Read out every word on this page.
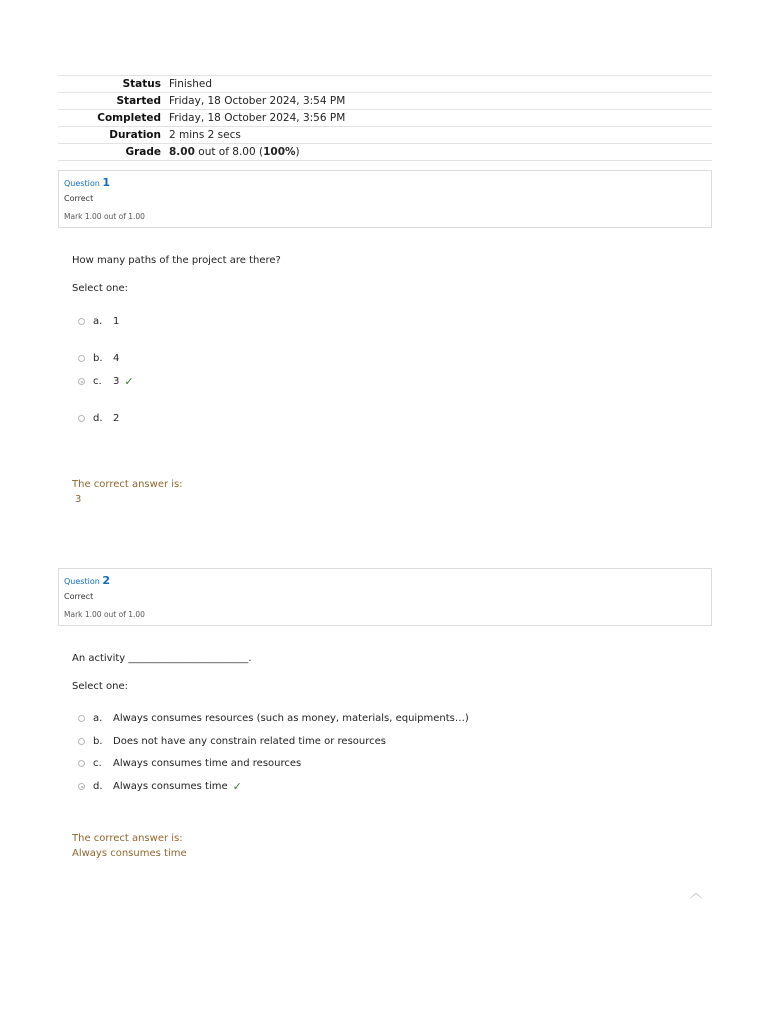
Status	Finished
Started	Friday, 18 October 2024, 3:54 PM
Completed	Friday, 18 October 2024, 3:56 PM
Duration	2 mins 2 secs
Grade	8.00 out of 8.00 (100%)
Question 1
Correct
Mark 1.00 out of 1.00
How many paths of the project are there?
Select one:
a.	1
b.	4
c.	3 ✓
d.	2
The correct answer is:
3
Question 2
Correct
Mark 1.00 out of 1.00
An activity ________________________.
Select one:
a.	Always consumes resources (such as money, materials, equipments…)
b.	Does not have any constrain related time or resources
c.	Always consumes time and resources
d.	Always consumes time ✓
The correct answer is:
Always consumes time
︿
